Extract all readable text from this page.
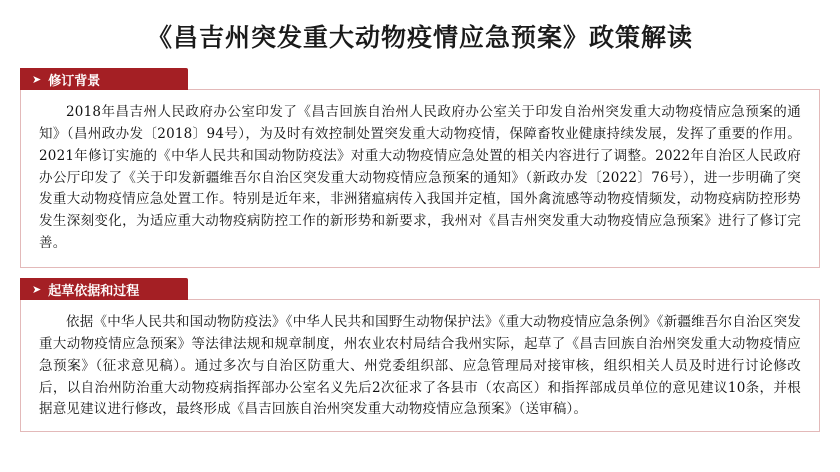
《昌吉州突发重大动物疫情应急预案》政策解读
➤ 修订背景

2018年昌吉州人民政府办公室印发了《昌吉回族自治州人民政府办公室关于印发自治州突发重大动物疫情应急预案的通知》（昌州政办发〔2018〕94号），为及时有效控制处置突发重大动物疫情，保障畜牧业健康持续发展，发挥了重要的作用。2021年修订实施的《中华人民共和国动物防疫法》对重大动物疫情应急处置的相关内容进行了调整。2022年自治区人民政府办公厅印发了《关于印发新疆维吾尔自治区突发重大动物疫情应急预案的通知》（新政办发〔2022〕76号），进一步明确了突发重大动物疫情应急处置工作。特别是近年来，非洲猪瘟病传入我国并定植，国外禽流感等动物疫情频发，动物疫病防控形势发生深刻变化，为适应重大动物疫病防控工作的新形势和新要求，我州对《昌吉州突发重大动物疫情应急预案》进行了修订完善。

➤ 起草依据和过程

依据《中华人民共和国动物防疫法》《中华人民共和国野生动物保护法》《重大动物疫情应急条例》《新疆维吾尔自治区突发重大动物疫情应急预案》等法律法规和规章制度，州农业农村局结合我州实际，起草了《昌吉回族自治州突发重大动物疫情应急预案》（征求意见稿）。通过多次与自治区防重大、州党委组织部、应急管理局对接审核，组织相关人员及时进行讨论修改后，以自治州防治重大动物疫病指挥部办公室名义先后2次征求了各县市（农高区）和指挥部成员单位的意见建议10条，并根据意见建议进行修改，最终形成《昌吉回族自治州突发重大动物疫情应急预案》（送审稿）。
